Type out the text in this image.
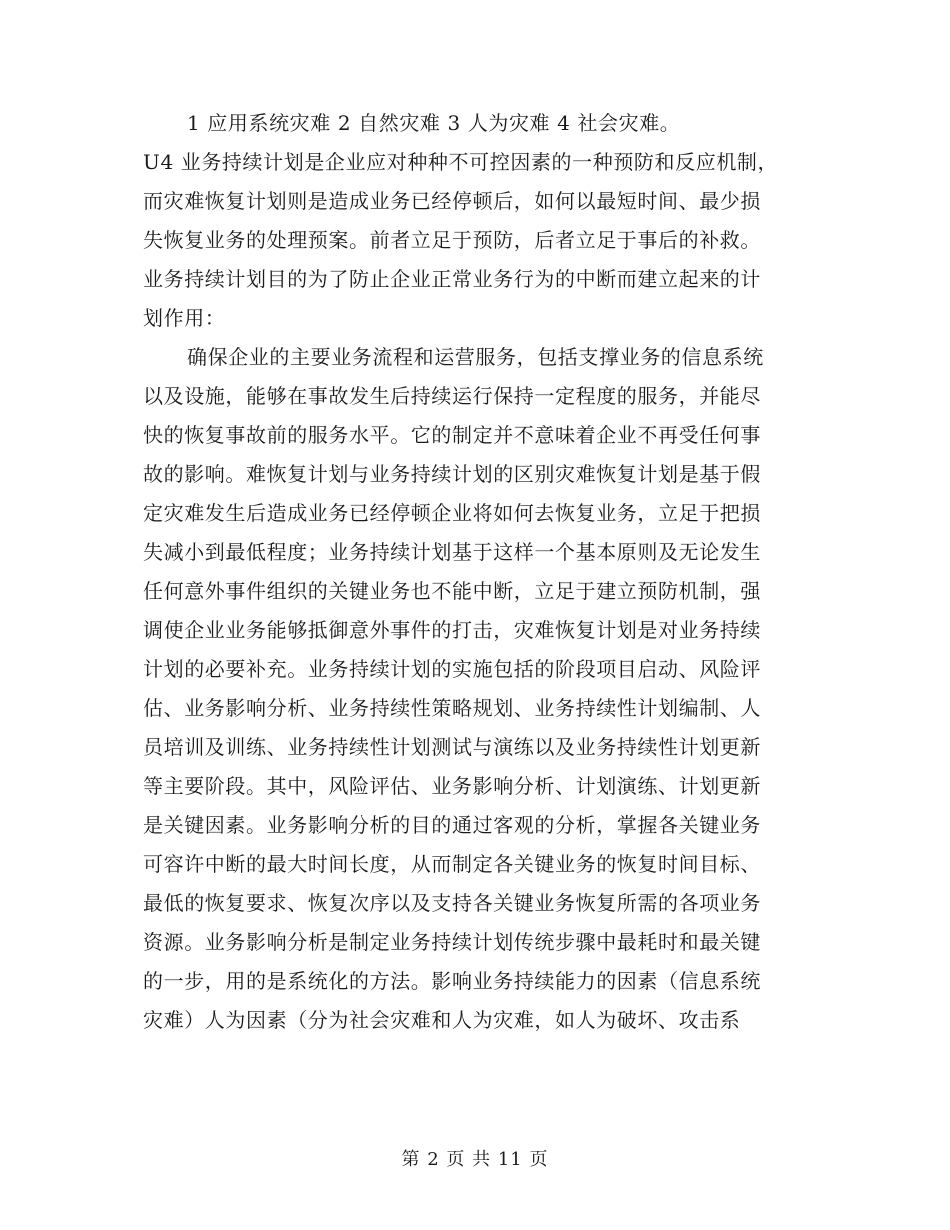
1 应用系统灾难 2 自然灾难 3 人为灾难 4 社会灾难。
U4 业务持续计划是企业应对种种不可控因素的一种预防和反应机制，
而灾难恢复计划则是造成业务已经停顿后，如何以最短时间、最少损
失恢复业务的处理预案。前者立足于预防，后者立足于事后的补救。
业务持续计划目的为了防止企业正常业务行为的中断而建立起来的计
划作用：
确保企业的主要业务流程和运营服务，包括支撑业务的信息系统
以及设施，能够在事故发生后持续运行保持一定程度的服务，并能尽
快的恢复事故前的服务水平。它的制定并不意味着企业不再受任何事
故的影响。难恢复计划与业务持续计划的区别灾难恢复计划是基于假
定灾难发生后造成业务已经停顿企业将如何去恢复业务，立足于把损
失减小到最低程度；业务持续计划基于这样一个基本原则及无论发生
任何意外事件组织的关键业务也不能中断，立足于建立预防机制，强
调使企业业务能够抵御意外事件的打击，灾难恢复计划是对业务持续
计划的必要补充。业务持续计划的实施包括的阶段项目启动、风险评
估、业务影响分析、业务持续性策略规划、业务持续性计划编制、人
员培训及训练、业务持续性计划测试与演练以及业务持续性计划更新
等主要阶段。其中，风险评估、业务影响分析、计划演练、计划更新
是关键因素。业务影响分析的目的通过客观的分析，掌握各关键业务
可容许中断的最大时间长度，从而制定各关键业务的恢复时间目标、
最低的恢复要求、恢复次序以及支持各关键业务恢复所需的各项业务
资源。业务影响分析是制定业务持续计划传统步骤中最耗时和最关键
的一步，用的是系统化的方法。影响业务持续能力的因素（信息系统
灾难）人为因素（分为社会灾难和人为灾难，如人为破坏、攻击系
第 2 页 共 11 页
